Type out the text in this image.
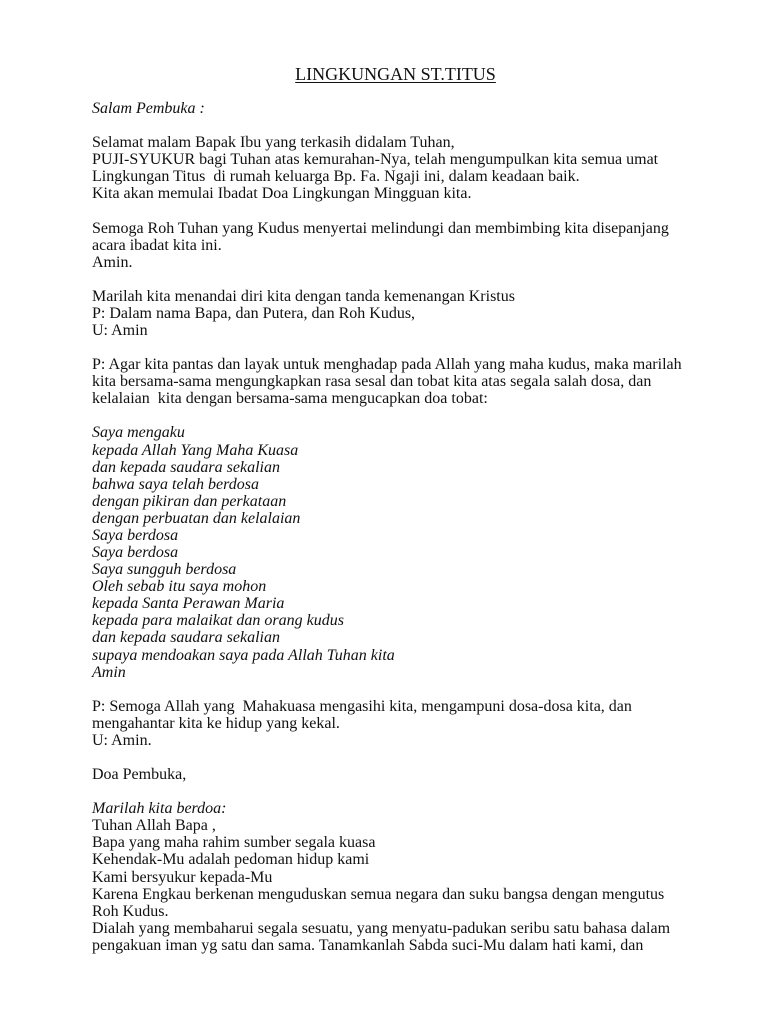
LINGKUNGAN ST.TITUS
Salam Pembuka :
Selamat malam Bapak Ibu yang terkasih didalam Tuhan,
PUJI-SYUKUR bagi Tuhan atas kemurahan-Nya, telah mengumpulkan kita semua umat
Lingkungan Titus  di rumah keluarga Bp. Fa. Ngaji ini, dalam keadaan baik.
Kita akan memulai Ibadat Doa Lingkungan Mingguan kita.
Semoga Roh Tuhan yang Kudus menyertai melindungi dan membimbing kita disepanjang
acara ibadat kita ini.
Amin.
Marilah kita menandai diri kita dengan tanda kemenangan Kristus
P: Dalam nama Bapa, dan Putera, dan Roh Kudus,
U: Amin
P: Agar kita pantas dan layak untuk menghadap pada Allah yang maha kudus, maka marilah
kita bersama-sama mengungkapkan rasa sesal dan tobat kita atas segala salah dosa, dan
kelalaian  kita dengan bersama-sama mengucapkan doa tobat:
Saya mengaku
kepada Allah Yang Maha Kuasa
dan kepada saudara sekalian
bahwa saya telah berdosa
dengan pikiran dan perkataan
dengan perbuatan dan kelalaian
Saya berdosa
Saya berdosa
Saya sungguh berdosa
Oleh sebab itu saya mohon
kepada Santa Perawan Maria
kepada para malaikat dan orang kudus
dan kepada saudara sekalian
supaya mendoakan saya pada Allah Tuhan kita
Amin
P: Semoga Allah yang  Mahakuasa mengasihi kita, mengampuni dosa-dosa kita, dan
mengahantar kita ke hidup yang kekal.
U: Amin.
Doa Pembuka,
Marilah kita berdoa:
Tuhan Allah Bapa ,
Bapa yang maha rahim sumber segala kuasa
Kehendak-Mu adalah pedoman hidup kami
Kami bersyukur kepada-Mu
Karena Engkau berkenan menguduskan semua negara dan suku bangsa dengan mengutus
Roh Kudus.
Dialah yang membaharui segala sesuatu, yang menyatu-padukan seribu satu bahasa dalam
pengakuan iman yg satu dan sama. Tanamkanlah Sabda suci-Mu dalam hati kami, dan
